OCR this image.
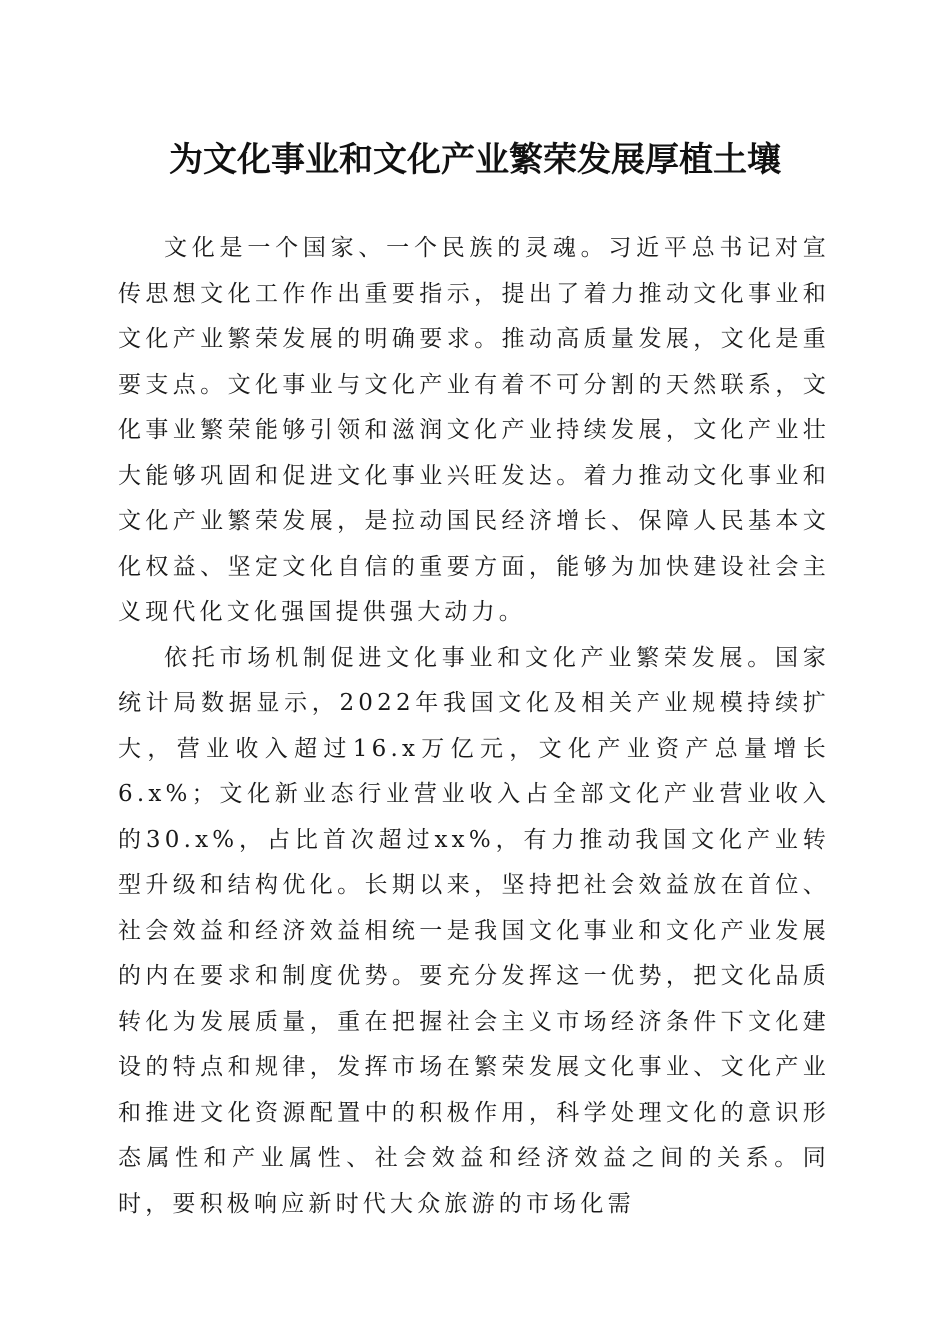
为文化事业和文化产业繁荣发展厚植土壤

文化是一个国家、一个民族的灵魂。习近平总书记对宣传思想文化工作作出重要指示，提出了着力推动文化事业和文化产业繁荣发展的明确要求。推动高质量发展，文化是重要支点。文化事业与文化产业有着不可分割的天然联系，文化事业繁荣能够引领和滋润文化产业持续发展，文化产业壮大能够巩固和促进文化事业兴旺发达。着力推动文化事业和文化产业繁荣发展，是拉动国民经济增长、保障人民基本文化权益、坚定文化自信的重要方面，能够为加快建设社会主义现代化文化强国提供强大动力。

依托市场机制促进文化事业和文化产业繁荣发展。国家统计局数据显示，2022年我国文化及相关产业规模持续扩大，营业收入超过16.x万亿元，文化产业资产总量增长6.x%；文化新业态行业营业收入占全部文化产业营业收入的30.x%，占比首次超过xx%，有力推动我国文化产业转型升级和结构优化。长期以来，坚持把社会效益放在首位、社会效益和经济效益相统一是我国文化事业和文化产业发展的内在要求和制度优势。要充分发挥这一优势，把文化品质转化为发展质量，重在把握社会主义市场经济条件下文化建设的特点和规律，发挥市场在繁荣发展文化事业、文化产业和推进文化资源配置中的积极作用，科学处理文化的意识形态属性和产业属性、社会效益和经济效益之间的关系。同时，要积极响应新时代大众旅游的市场化需
